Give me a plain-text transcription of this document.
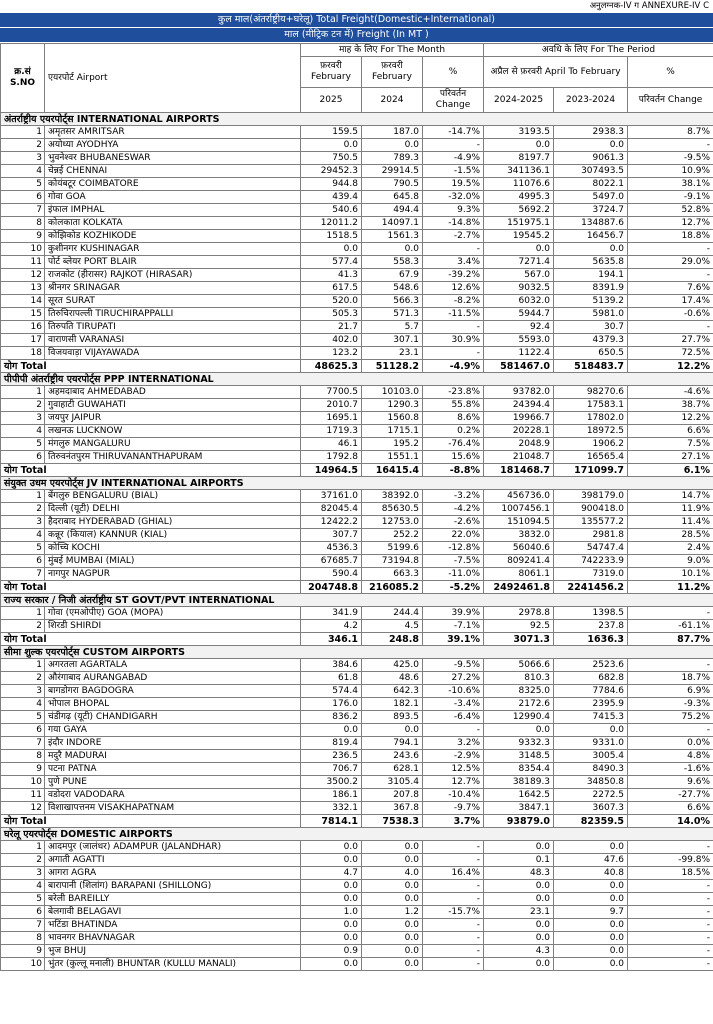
अनुलग्नक-IV ग ANNEXURE-IV C
कुल माल(अंतर्राष्ट्रीय+घरेलू) Total Freight(Domestic+International)
माल (मीट्रिक टन में) Freight (In MT )
क्र.सं S.NO	एयरपोर्ट Airport	माह के लिए For The Month			अवधि के लिए For The Period		
		फ़रवरी February	फ़रवरी February	%	अप्रैल से फ़रवरी April To February		%
		2025	2024	परिवर्तन Change	2024-2025	2023-2024	परिवर्तन Change
अंतर्राष्ट्रीय एयरपोर्ट्स INTERNATIONAL AIRPORTS							
1	अमृतसर AMRITSAR	159.5	187.0	-14.7%	3193.5	2938.3	8.7%
2	अयोध्या AYODHYA	0.0	0.0	-	0.0	0.0	-
3	भुवनेश्वर BHUBANESWAR	750.5	789.3	-4.9%	8197.7	9061.3	-9.5%
4	चेन्नई CHENNAI	29452.3	29914.5	-1.5%	341136.1	307493.5	10.9%
5	कोयंबटूर COIMBATORE	944.8	790.5	19.5%	11076.6	8022.1	38.1%
6	गोवा GOA	439.4	645.8	-32.0%	4995.3	5497.0	-9.1%
7	इंफाल IMPHAL	540.6	494.4	9.3%	5692.2	3724.7	52.8%
8	कोलकाता KOLKATA	12011.2	14097.1	-14.8%	151975.1	134887.6	12.7%
9	कोझिकोड KOZHIKODE	1518.5	1561.3	-2.7%	19545.2	16456.7	18.8%
10	कुशीनगर KUSHINAGAR	0.0	0.0	-	0.0	0.0	-
11	पोर्ट ब्लेयर PORT BLAIR	577.4	558.3	3.4%	7271.4	5635.8	29.0%
12	राजकोट (हीरासर) RAJKOT (HIRASAR)	41.3	67.9	-39.2%	567.0	194.1	-
13	श्रीनगर SRINAGAR	617.5	548.6	12.6%	9032.5	8391.9	7.6%
14	सूरत SURAT	520.0	566.3	-8.2%	6032.0	5139.2	17.4%
15	तिरुचिरापल्ली TIRUCHIRAPPALLI	505.3	571.3	-11.5%	5944.7	5981.0	-0.6%
16	तिरुपति TIRUPATI	21.7	5.7	-	92.4	30.7	-
17	वाराणसी VARANASI	402.0	307.1	30.9%	5593.0	4379.3	27.7%
18	विजयवाड़ा VIJAYAWADA	123.2	23.1	-	1122.4	650.5	72.5%
योग Total		48625.3	51128.2	-4.9%	581467.0	518483.7	12.2%
पीपीपी अंतर्राष्ट्रीय एयरपोर्ट्स PPP INTERNATIONAL							
1	अहमदाबाद AHMEDABAD	7700.5	10103.0	-23.8%	93782.0	98270.6	-4.6%
2	गुवाहाटी GUWAHATI	2010.7	1290.3	55.8%	24394.4	17583.1	38.7%
3	जयपुर JAIPUR	1695.1	1560.8	8.6%	19966.7	17802.0	12.2%
4	लखनऊ LUCKNOW	1719.3	1715.1	0.2%	20228.1	18972.5	6.6%
5	मंगलुरु MANGALURU	46.1	195.2	-76.4%	2048.9	1906.2	7.5%
6	तिरुवनंतपुरम THIRUVANANTHAPURAM	1792.8	1551.1	15.6%	21048.7	16565.4	27.1%
योग Total		14964.5	16415.4	-8.8%	181468.7	171099.7	6.1%
संयुक्त उधम एयरपोर्ट्स JV INTERNATIONAL AIRPORTS							
1	बेंगलुरु BENGALURU (BIAL)	37161.0	38392.0	-3.2%	456736.0	398179.0	14.7%
2	दिल्ली (यूटी) DELHI	82045.4	85630.5	-4.2%	1007456.1	900418.0	11.9%
3	हैदराबाद HYDERABAD (GHIAL)	12422.2	12753.0	-2.6%	151094.5	135577.2	11.4%
4	कन्नूर (कियाल) KANNUR (KIAL)	307.7	252.2	22.0%	3832.0	2981.8	28.5%
5	कोच्चि KOCHI	4536.3	5199.6	-12.8%	56040.6	54747.4	2.4%
6	मुंबई MUMBAI (MIAL)	67685.7	73194.8	-7.5%	809241.4	742233.9	9.0%
7	नागपुर NAGPUR	590.4	663.3	-11.0%	8061.1	7319.0	10.1%
योग Total		204748.8	216085.2	-5.2%	2492461.8	2241456.2	11.2%
राज्य सरकार / निजी अंतर्राष्ट्रीय ST GOVT/PVT INTERNATIONAL							
1	गोवा (एमओपीए) GOA (MOPA)	341.9	244.4	39.9%	2978.8	1398.5	-
2	शिरडी SHIRDI	4.2	4.5	-7.1%	92.5	237.8	-61.1%
योग Total		346.1	248.8	39.1%	3071.3	1636.3	87.7%
सीमा शुल्क एयरपोर्ट्स CUSTOM AIRPORTS							
1	अगरतला AGARTALA	384.6	425.0	-9.5%	5066.6	2523.6	-
2	औरंगाबाद AURANGABAD	61.8	48.6	27.2%	810.3	682.8	18.7%
3	बागडोगरा BAGDOGRA	574.4	642.3	-10.6%	8325.0	7784.6	6.9%
4	भोपाल BHOPAL	176.0	182.1	-3.4%	2172.6	2395.9	-9.3%
5	चंडीगढ़ (यूटी) CHANDIGARH	836.2	893.5	-6.4%	12990.4	7415.3	75.2%
6	गया GAYA	0.0	0.0	-	0.0	0.0	-
7	इंदौर INDORE	819.4	794.1	3.2%	9332.3	9331.0	0.0%
8	मदुरै MADURAI	236.5	243.6	-2.9%	3148.5	3005.4	4.8%
9	पटना PATNA	706.7	628.1	12.5%	8354.4	8490.3	-1.6%
10	पुणे PUNE	3500.2	3105.4	12.7%	38189.3	34850.8	9.6%
11	वडोदरा VADODARA	186.1	207.8	-10.4%	1642.5	2272.5	-27.7%
12	विशाखापत्तनम VISAKHAPATNAM	332.1	367.8	-9.7%	3847.1	3607.3	6.6%
योग Total		7814.1	7538.3	3.7%	93879.0	82359.5	14.0%
घरेलू एयरपोर्ट्स DOMESTIC AIRPORTS							
1	आदमपुर (जालंधर) ADAMPUR (JALANDHAR)	0.0	0.0	-	0.0	0.0	-
2	अगाती AGATTI	0.0	0.0	-	0.1	47.6	-99.8%
3	आगरा AGRA	4.7	4.0	16.4%	48.3	40.8	18.5%
4	बारापानी (शिलांग) BARAPANI (SHILLONG)	0.0	0.0	-	0.0	0.0	-
5	बरेली BAREILLY	0.0	0.0	-	0.0	0.0	-
6	बेलगावी BELAGAVI	1.0	1.2	-15.7%	23.1	9.7	-
7	भटिंडा BHATINDA	0.0	0.0	-	0.0	0.0	-
8	भावनगर BHAVNAGAR	0.0	0.0	-	0.0	0.0	-
9	भुज BHUJ	0.9	0.0	-	4.3	0.0	-
10	भुंतर (कुल्लू मनाली) BHUNTAR (KULLU MANALI)	0.0	0.0	-	0.0	0.0	-
